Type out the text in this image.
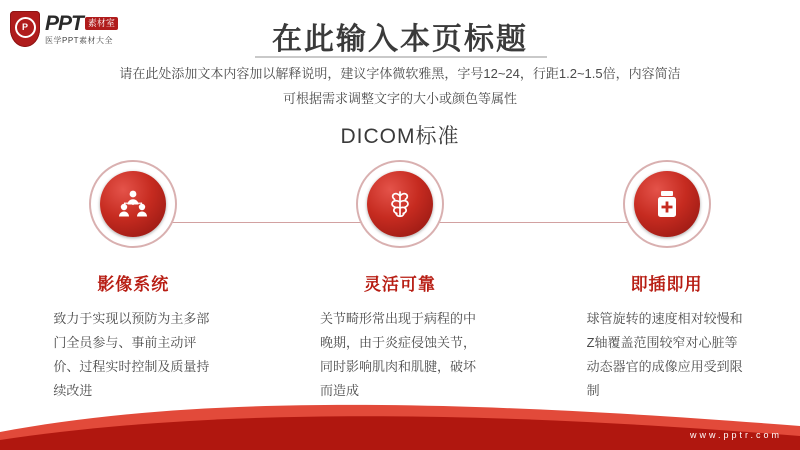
P PPT 素材室
医学PPT素材大全	在此输入本页标题
请在此处添加文本内容加以解释说明，建议字体微软雅黑，字号12~24，行距1.2~1.5倍，内容简洁
可根据需求调整文字的大小或颜色等属性
DICOM标准
影像系统
致力于实现以预防为主多部门全员参与、事前主动评价、过程实时控制及质量持续改进
灵活可靠
关节畸形常出现于病程的中晚期，由于炎症侵蚀关节，同时影响肌肉和肌腱，破坏而造成
即插即用
球管旋转的速度相对较慢和Z轴覆盖范围较窄对心脏等动态器官的成像应用受到限制
www.pptr.com
